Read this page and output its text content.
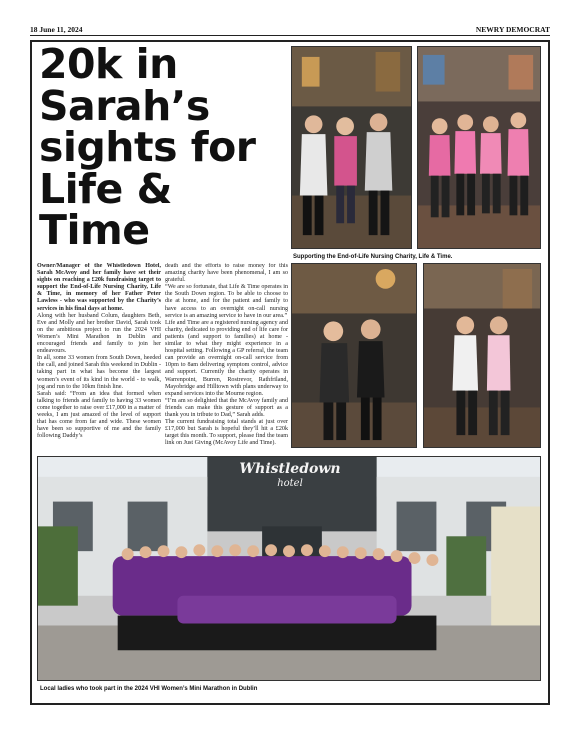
18 June 11, 2024	NEWRY DEMOCRAT
20k in Sarah’s sights for Life & Time

Owner/Manager of the Whistledown Hotel, Sarah McAvoy and her family have set their sights on reaching a £20k fundraising target to support the End-of-Life Nursing Charity, Life & Time, in memory of her Father Peter Lawless - who was supported by the Charity’s services in his final days at home.

Along with her husband Colum, daughters Beth, Eve and Molly and her brother David, Sarah took on the ambitious project to run the 2024 VHI Women’s Mini Marathon in Dublin and encouraged friends and family to join her endeavours.

In all, some 33 women from South Down, heeded the call, and joined Sarah this weekend in Dublin - taking part in what has become the largest women’s event of its kind in the world - to walk, jog and run to the 10km finish line.

Sarah said: “From an idea that formed when talking to friends and family to having 33 women come together to raise over £17,000 in a matter of weeks, I am just amazed of the level of support that has come from far and wide. These women have been so supportive of me and the family following Daddy’s

death and the efforts to raise money for this amazing charity have been phenomenal, I am so grateful.

“We are so fortunate, that Life & Time operates in the South Down region. To be able to choose to die at home, and for the patient and family to have access to an overnight on-call nursing service is an amazing service to have in our area.”

Life and Time are a registered nursing agency and charity, dedicated to providing end of life care for patients (and support to families) at home - similar to what they might experience in a hospital setting. Following a GP referral, the team can provide an overnight on-call service from 10pm to 8am delivering symptom control, advice and support. Currently the charity operates in Warrenpoint, Burren, Rostrevor, Rathfriland, Mayobridge and Hilltown with plans underway to expand services into the Mourne region.

“I’m am so delighted that the McAvoy family and friends can make this gesture of support as a thank you in tribute to Dad,” Sarah adds.

The current fundraising total stands at just over £17,000 but Sarah is hopeful they’ll hit a £20k target this month. To support, please find the team link on Just Giving (McAvoy Life and Time).

Supporting the End-of-Life Nursing Charity, Life & Time.
Whistledown
hotel
Local ladies who took part in the 2024 VHI Women’s Mini Marathon in Dublin
